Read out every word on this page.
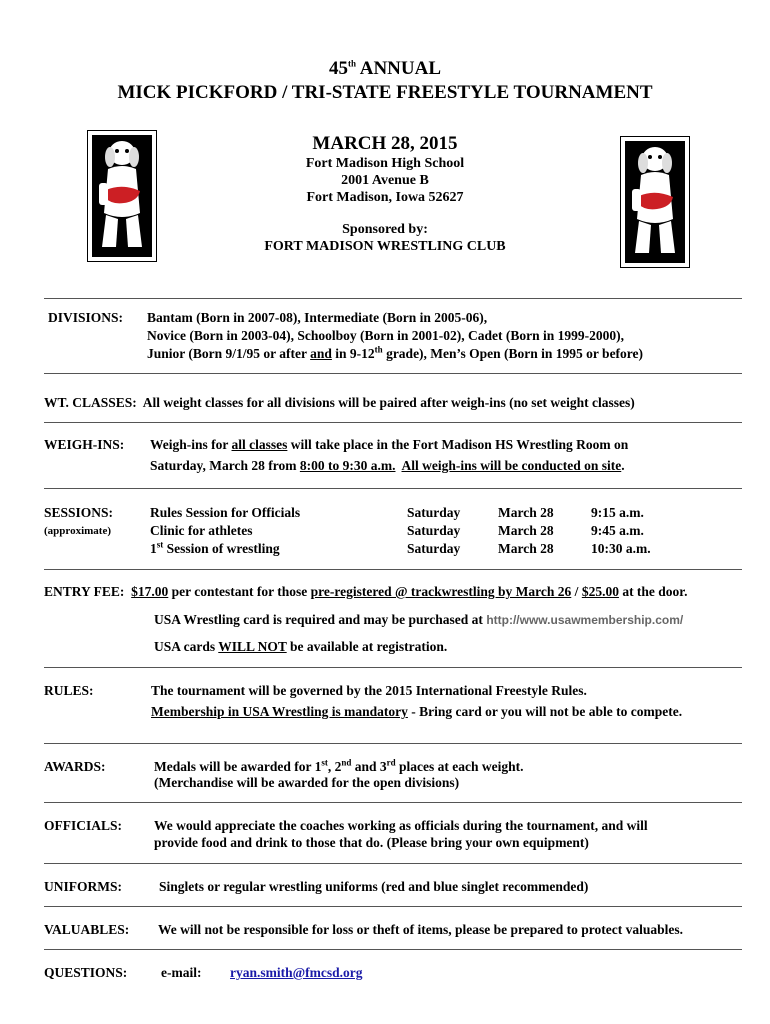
45th ANNUAL
MICK PICKFORD / TRI-STATE FREESTYLE TOURNAMENT
MARCH 28, 2015
Fort Madison High School
2001 Avenue B
Fort Madison, Iowa 52627
Sponsored by:
FORT MADISON WRESTLING CLUB
DIVISIONS: Bantam (Born in 2007-08), Intermediate (Born in 2005-06),
Novice (Born in 2003-04), Schoolboy (Born in 2001-02), Cadet (Born in 1999-2000),
Junior (Born 9/1/95 or after and in 9-12th grade), Men’s Open (Born in 1995 or before)
WT. CLASSES: All weight classes for all divisions will be paired after weigh-ins (no set weight classes)
WEIGH-INS: Weigh-ins for all classes will take place in the Fort Madison HS Wrestling Room on
Saturday, March 28 from 8:00 to 9:30 a.m. All weigh-ins will be conducted on site.
SESSIONS:
(approximate)
Rules Session for Officials	Saturday	March 28	9:15 a.m.
Clinic for athletes	Saturday	March 28	9:45 a.m.
1st Session of wrestling	Saturday	March 28	10:30 a.m.
ENTRY FEE: $17.00 per contestant for those pre-registered @ trackwrestling by March 26 / $25.00 at the door.
USA Wrestling card is required and may be purchased at http://www.usawmembership.com/
USA cards WILL NOT be available at registration.
RULES:	The tournament will be governed by the 2015 International Freestyle Rules.
Membership in USA Wrestling is mandatory - Bring card or you will not be able to compete.
AWARDS:	Medals will be awarded for 1st, 2nd and 3rd places at each weight.
(Merchandise will be awarded for the open divisions)
OFFICIALS: We would appreciate the coaches working as officials during the tournament, and will
provide food and drink to those that do. (Please bring your own equipment)
UNIFORMS:	Singlets or regular wrestling uniforms (red and blue singlet recommended)
VALUABLES: We will not be responsible for loss or theft of items, please be prepared to protect valuables.
QUESTIONS: e-mail: ryan.smith@fmcsd.org
